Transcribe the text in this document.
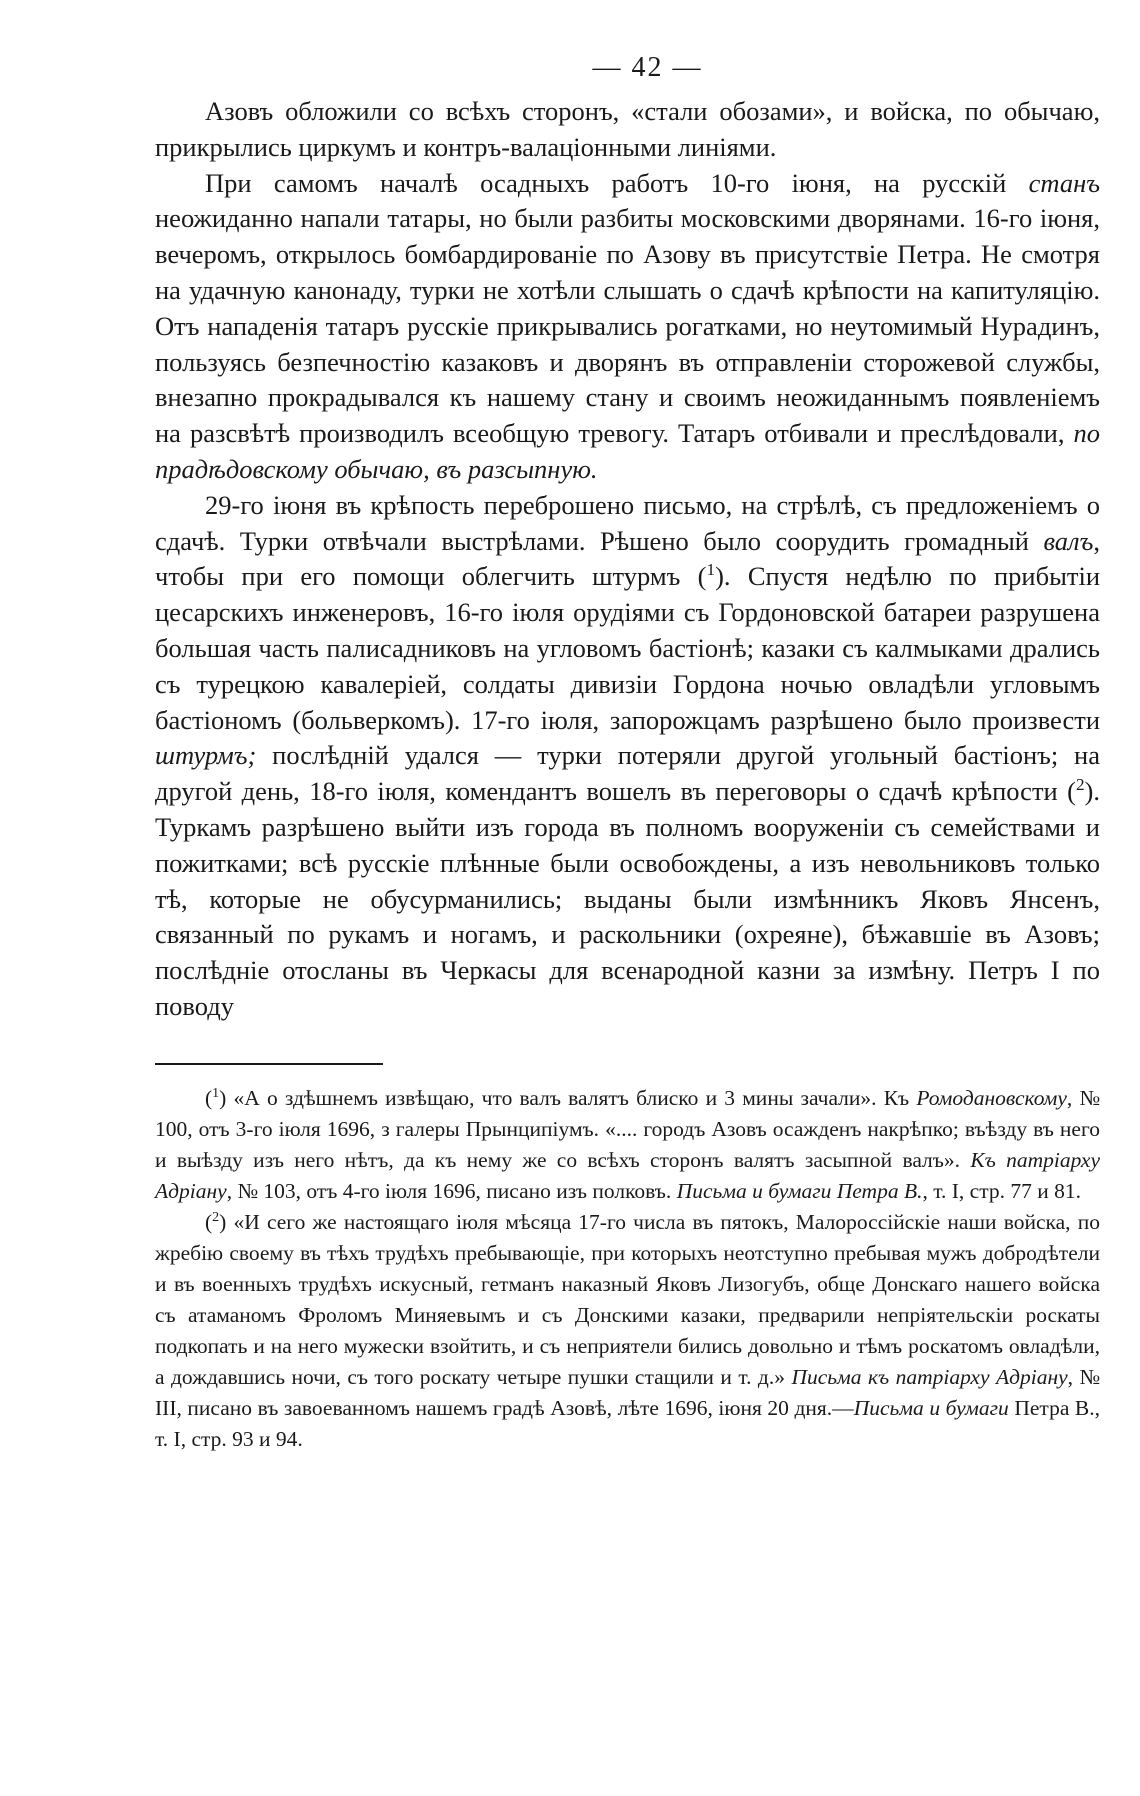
— 42 —

Азовъ обложили со всѣхъ сторонъ, «стали обозами», и войска, по обычаю, прикрылись циркумъ и контръ-валаціонными линіями.

При самомъ началѣ осадныхъ работъ 10-го іюня, на русскій станъ неожиданно напали татары, но были разбиты московскими дворянами. 16-го іюня, вечеромъ, открылось бомбардированіе по Азову въ присутствіе Петра. Не смотря на удачную канонаду, турки не хотѣли слышать о сдачѣ крѣпости на капитуляцію. Отъ нападенія татаръ русскіе прикрывались рогатками, но неутомимый Нурадинъ, пользуясь безпечностію казаковъ и дворянъ въ отправленіи сторожевой службы, внезапно прокрадывался къ нашему стану и своимъ неожиданнымъ появленіемъ на разсвѣтѣ производилъ всеобщую тревогу. Татаръ отбивали и преслѣдовали, по прадѣдовскому обычаю, въ разсыпную.

29-го іюня въ крѣпость переброшено письмо, на стрѣлѣ, съ предложеніемъ о сдачѣ. Турки отвѣчали выстрѣлами. Рѣшено было соорудить громадный валъ, чтобы при его помощи облегчить штурмъ ($^1$). Спустя недѣлю по прибытіи цесарскихъ инженеровъ, 16-го іюля орудіями съ Гордоновской батареи разрушена большая часть палисадниковъ на угловомъ бастіонѣ; казаки съ калмыками дрались съ турецкою кавалеріей, солдаты дивизіи Гордона ночью овладѣли угловымъ бастіономъ (больверкомъ). 17-го іюля, запорожцамъ разрѣшено было произвести штурмъ; послѣдній удался — турки потеряли другой угольный бастіонъ; на другой день, 18-го іюля, комендантъ вошелъ въ переговоры о сдачѣ крѣпости ($^2$). Туркамъ разрѣшено выйти изъ города въ полномъ вооруженіи съ семействами и пожитками; всѣ русскіе плѣнные были освобождены, а изъ невольниковъ только тѣ, которые не обусурманились; выданы были измѣнникъ Яковъ Янсенъ, связанный по рукамъ и ногамъ, и раскольники (охреяне), бѣжавшіе въ Азовъ; послѣдніе отосланы въ Черкасы для всенародной казни за измѣну. Петръ I по поводу

($^1$) «А о здѣшнемъ извѣщаю, что валъ валятъ блиско и 3 мины зачали». Къ Ромодановскому, № 100, отъ 3-го іюля 1696, з галеры Прынципіумъ. «.... городъ Азовъ осажденъ накрѣпко; въѣзду въ него и выѣзду изъ него нѣтъ, да къ нему же со всѣхъ сторонъ валятъ засыпной валъ». Къ патріарху Адріану, № 103, отъ 4-го іюля 1696, писано изъ полковъ. Письма и бумаги Петра В., т. I, стр. 77 и 81.

($^2$) «И сего же настоящаго іюля мѣсяца 17-го числа въ пятокъ, Малороссійскіе наши войска, по жребію своему въ тѣхъ трудѣхъ пребывающіе, при которыхъ неотступно пребывая мужъ добродѣтели и въ военныхъ трудѣхъ искусный, гетманъ наказный Яковъ Лизогубъ, обще Донскаго нашего войска съ атаманомъ Фроломъ Миняевымъ и съ Донскими казаки, предварили непріятельскіи роскаты подкопать и на него мужески взойтить, и съ неприятели бились довольно и тѣмъ роскатомъ овладѣли, а дождавшись ночи, съ того роскату четыре пушки стащили и т. д.» Письма къ патріарху Адріану, № III, писано въ завоеванномъ нашемъ градѣ Азовѣ, лѣте 1696, іюня 20 дня.—Письма и бумаги Петра В., т. I, стр. 93 и 94.
